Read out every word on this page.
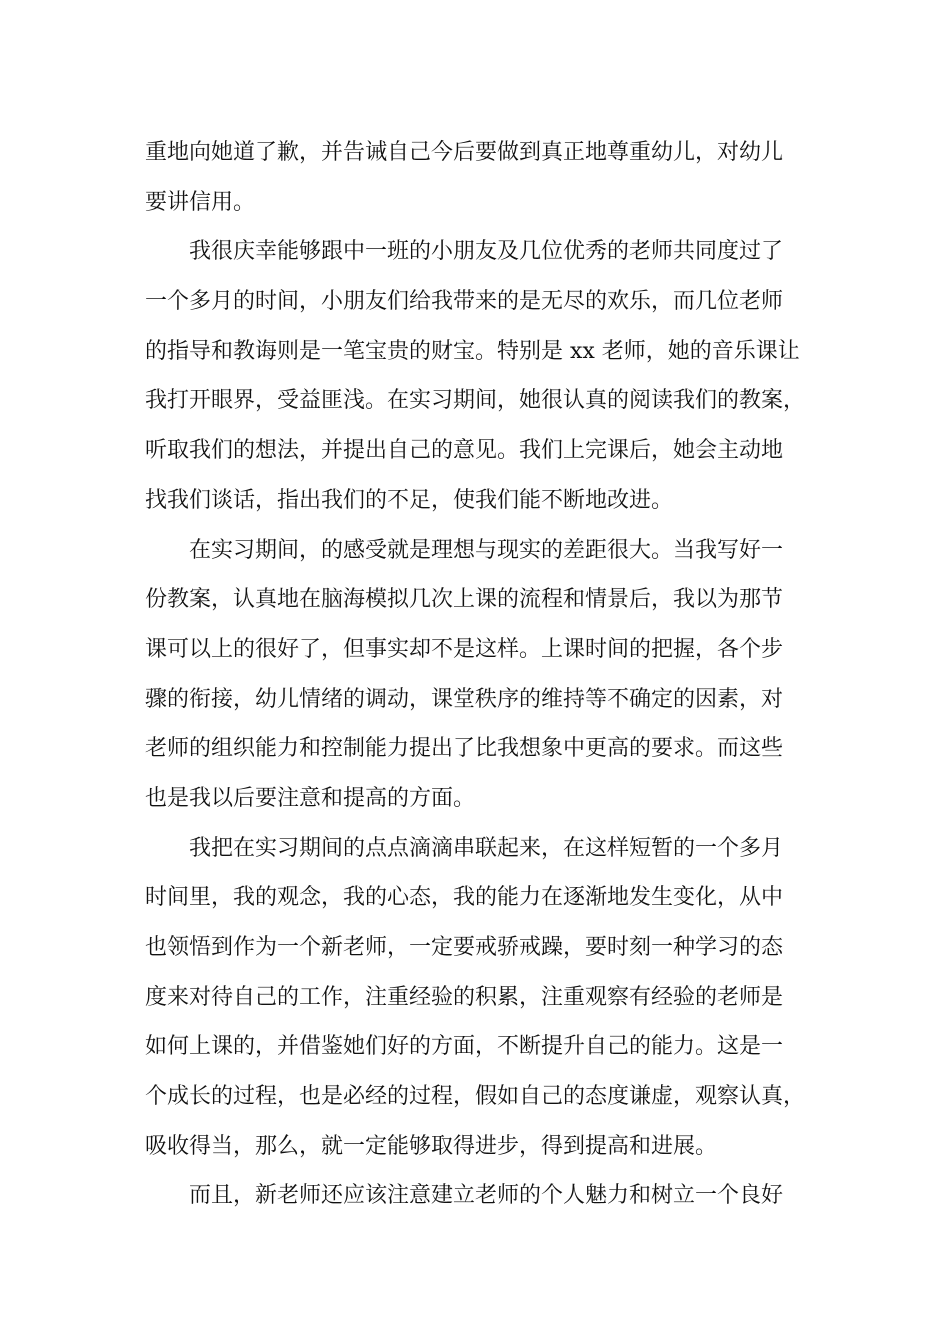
重地向她道了歉，并告诫自己今后要做到真正地尊重幼儿，对幼儿
要讲信用。
我很庆幸能够跟中一班的小朋友及几位优秀的老师共同度过了
一个多月的时间，小朋友们给我带来的是无尽的欢乐，而几位老师
的指导和教诲则是一笔宝贵的财宝。特别是 xx 老师，她的音乐课让
我打开眼界，受益匪浅。在实习期间，她很认真的阅读我们的教案，
听取我们的想法，并提出自己的意见。我们上完课后，她会主动地
找我们谈话，指出我们的不足，使我们能不断地改进。
在实习期间，的感受就是理想与现实的差距很大。当我写好一
份教案，认真地在脑海模拟几次上课的流程和情景后，我以为那节
课可以上的很好了，但事实却不是这样。上课时间的把握，各个步
骤的衔接，幼儿情绪的调动，课堂秩序的维持等不确定的因素，对
老师的组织能力和控制能力提出了比我想象中更高的要求。而这些
也是我以后要注意和提高的方面。
我把在实习期间的点点滴滴串联起来，在这样短暂的一个多月
时间里，我的观念，我的心态，我的能力在逐渐地发生变化，从中
也领悟到作为一个新老师，一定要戒骄戒躁，要时刻一种学习的态
度来对待自己的工作，注重经验的积累，注重观察有经验的老师是
如何上课的，并借鉴她们好的方面，不断提升自己的能力。这是一
个成长的过程，也是必经的过程，假如自己的态度谦虚，观察认真，
吸收得当，那么，就一定能够取得进步，得到提高和进展。
而且，新老师还应该注意建立老师的个人魅力和树立一个良好
